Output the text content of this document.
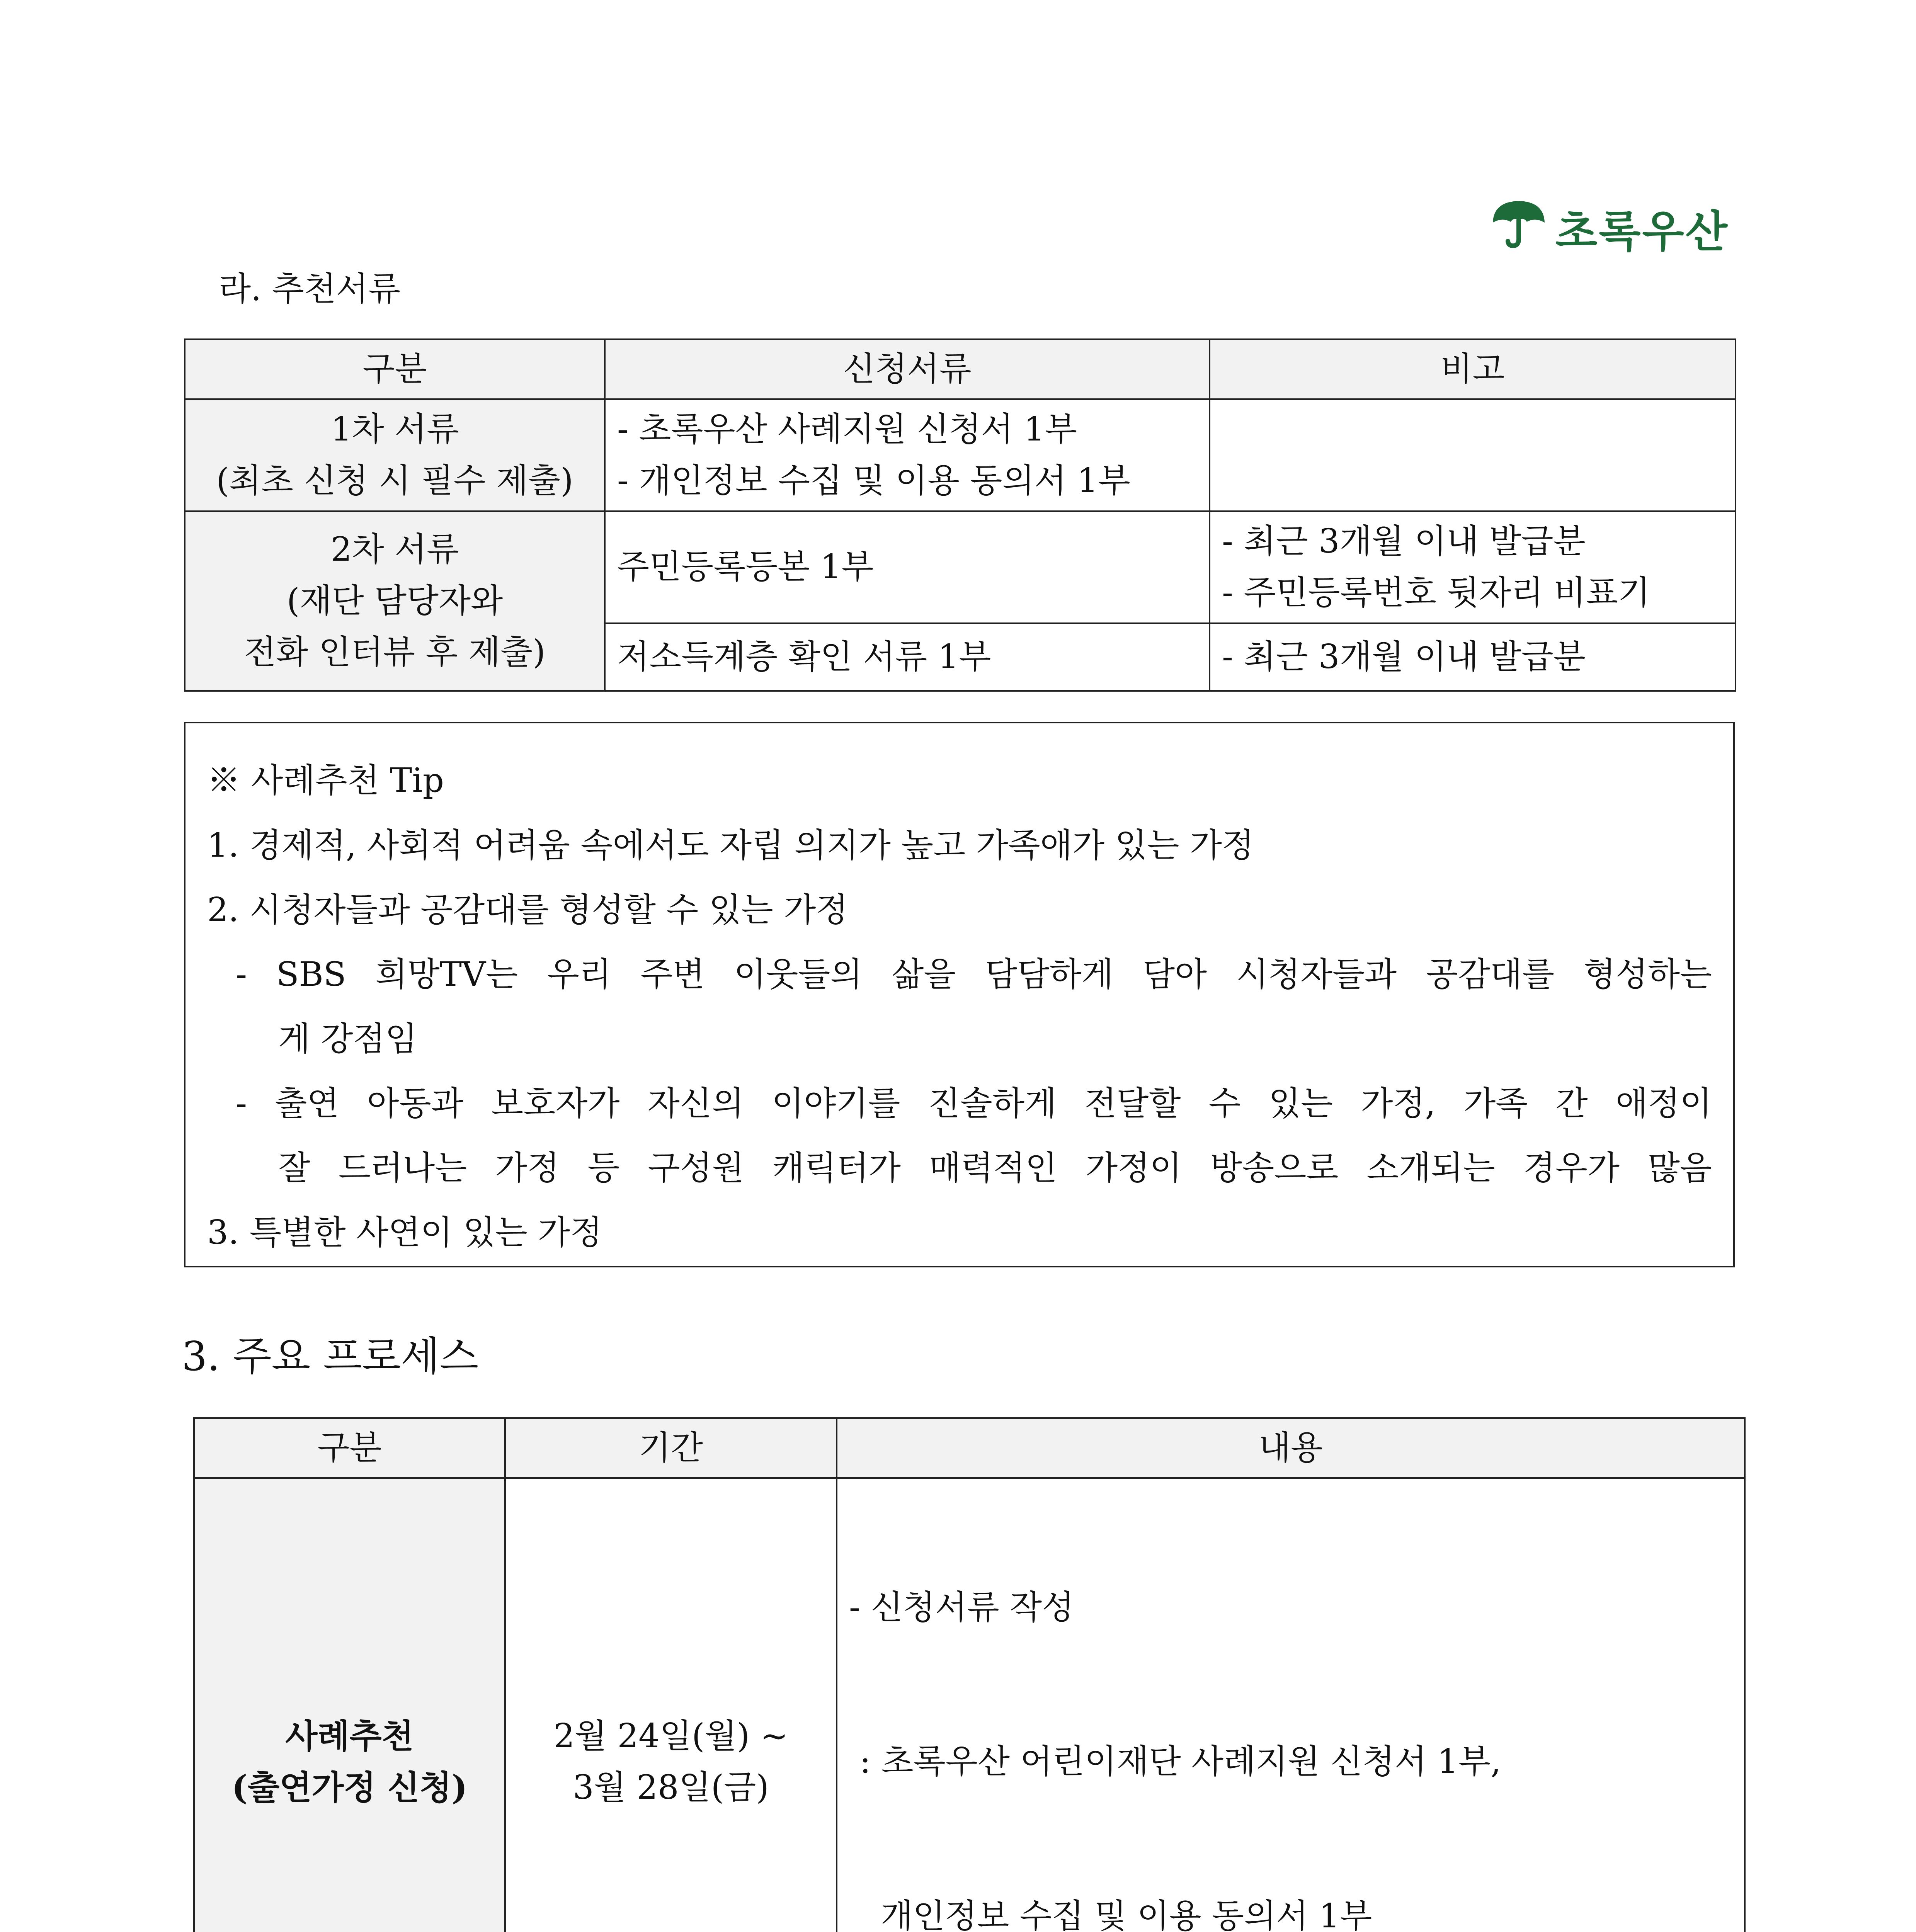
초록우산
라. 추천서류
구분	신청서류	비고

1차 서류
(최초 신청 시 필수 제출)	- 초록우산 사례지원 신청서 1부
- 개인정보 수집 및 이용 동의서 1부	

2차 서류
(재단 담당자와
전화 인터뷰 후 제출)	주민등록등본 1부	- 최근 3개월 이내 발급분
- 주민등록번호 뒷자리 비표기

	저소득계층 확인 서류 1부	- 최근 3개월 이내 발급분
※ 사례추천 Tip
1. 경제적, 사회적 어려움 속에서도 자립 의지가 높고 가족애가 있는 가정
2. 시청자들과 공감대를 형성할 수 있는 가정
- SBS 희망TV는 우리 주변 이웃들의 삶을 담담하게 담아 시청자들과 공감대를 형성하는
게 강점임
- 출연 아동과 보호자가 자신의 이야기를 진솔하게 전달할 수 있는 가정, 가족 간 애정이
잘 드러나는 가정 등 구성원 캐릭터가 매력적인 가정이 방송으로 소개되는 경우가 많음
3. 특별한 사연이 있는 가정
3. 주요 프로세스
구분	기간	내용

사례추천
(출연가정 신청)	2월 24일(월) ~
3월 28일(금)	- 신청서류 작성

: 초록우산 어린이재단 사례지원 신청서 1부,

개인정보 수집 및 이용 동의서 1부
